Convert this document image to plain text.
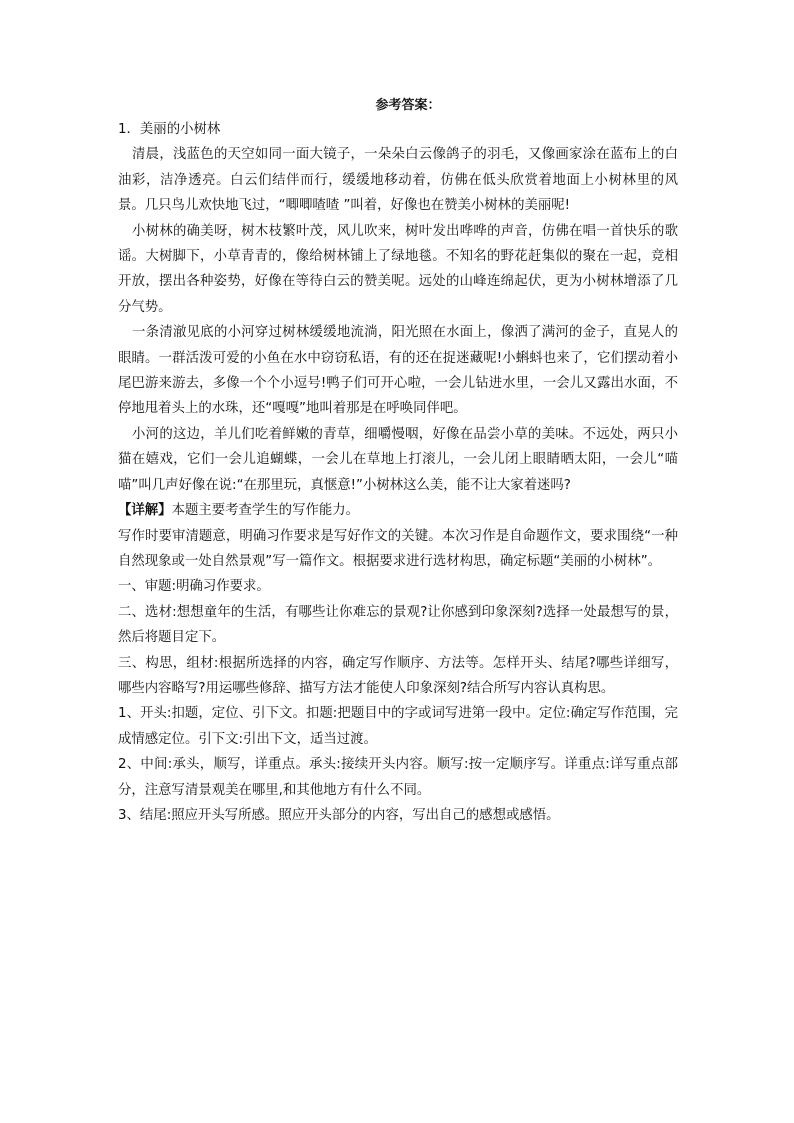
参考答案：
1．美丽的小树林

清晨，浅蓝色的天空如同一面大镜子，一朵朵白云像鸽子的羽毛，又像画家涂在蓝布上的白油彩，洁净透亮。白云们结伴而行，缓缓地移动着，仿佛在低头欣赏着地面上小树林里的风景。几只鸟儿欢快地飞过，“唧唧喳喳 ”叫着，好像也在赞美小树林的美丽呢!

小树林的确美呀，树木枝繁叶茂，风儿吹来，树叶发出哗哗的声音，仿佛在唱一首快乐的歌谣。大树脚下，小草青青的，像给树林铺上了绿地毯。不知名的野花赶集似的聚在一起，竞相开放，摆出各种姿势，好像在等待白云的赞美呢。远处的山峰连绵起伏，更为小树林增添了几分气势。

一条清澈见底的小河穿过树林缓缓地流淌，阳光照在水面上，像洒了满河的金子，直晃人的眼睛。一群活泼可爱的小鱼在水中窃窃私语，有的还在捉迷藏呢!小蝌蚪也来了，它们摆动着小尾巴游来游去，多像一个个小逗号!鸭子们可开心啦，一会儿钻进水里，一会儿又露出水面，不停地甩着头上的水珠，还“嘎嘎”地叫着那是在呼唤同伴吧。

小河的这边，羊儿们吃着鲜嫩的青草，细嚼慢咽，好像在品尝小草的美味。不远处，两只小猫在嬉戏，它们一会儿追蝴蝶，一会儿在草地上打滚儿，一会儿闭上眼睛晒太阳，一会儿“喵喵”叫几声好像在说:“在那里玩，真惬意!”小树林这么美，能不让大家着迷吗?

【详解】本题主要考查学生的写作能力。

写作时要审清题意，明确习作要求是写好作文的关键。本次习作是自命题作文，要求围绕“一种自然现象或一处自然景观”写一篇作文。根据要求进行选材构思，确定标题“美丽的小树林”。

一、审题:明确习作要求。

二、选材:想想童年的生活，有哪些让你难忘的景观?让你感到印象深刻?选择一处最想写的景，然后将题目定下。

三、构思，组材:根据所选择的内容，确定写作顺序、方法等。怎样开头、结尾?哪些详细写，哪些内容略写?用运哪些修辞、描写方法才能使人印象深刻?结合所写内容认真构思。

1、开头:扣题，定位、引下文。扣题:把题目中的字或词写进第一段中。定位:确定写作范围，完成情感定位。引下文:引出下文，适当过渡。

2、中间:承头，顺写，详重点。承头:接续开头内容。顺写:按一定顺序写。详重点:详写重点部分，注意写清景观美在哪里,和其他地方有什么不同。

3、结尾:照应开头写所感。照应开头部分的内容，写出自己的感想或感悟。
